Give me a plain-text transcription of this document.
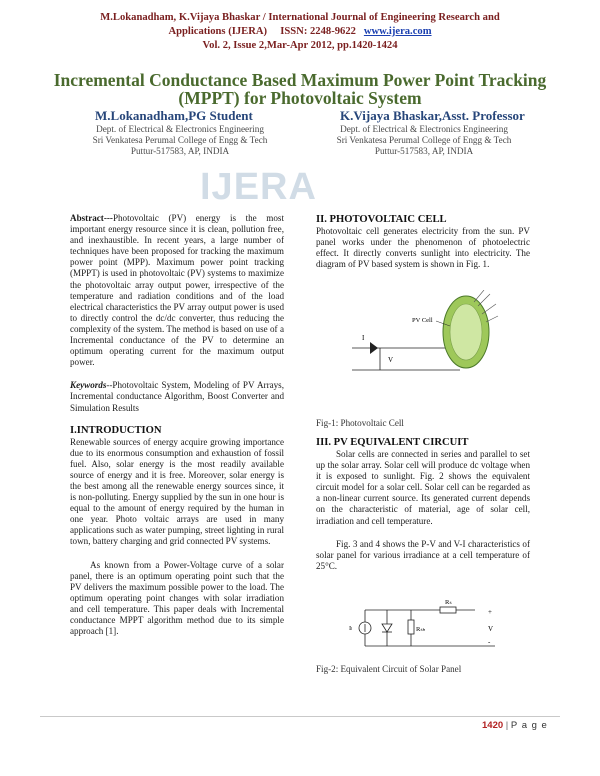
M.Lokanadham, K.Vijaya Bhaskar / International Journal of Engineering Research and
Applications (IJERA) ISSN: 2248-9622 www.ijera.com
Vol. 2, Issue 2,Mar-Apr 2012, pp.1420-1424
Incremental Conductance Based Maximum Power Point Tracking
(MPPT) for Photovoltaic System
M.Lokanadham,PG Student	K.Vijaya Bhaskar,Asst. Professor
Dept. of Electrical & Electronics Engineering
Sri Venkatesa Perumal College of Engg & Tech
Puttur-517583, AP, INDIA
Dept. of Electrical & Electronics Engineering
Sri Venkatesa Perumal College of Engg & Tech
Puttur-517583, AP, INDIA
IJERA

Abstract---Photovoltaic (PV) energy is the most important energy resource since it is clean, pollution free, and inexhaustible. In recent years, a large number of techniques have been proposed for tracking the maximum power point (MPP). Maximum power point tracking (MPPT) is used in photovoltaic (PV) systems to maximize the photovoltaic array output power, irrespective of the temperature and radiation conditions and of the load electrical characteristics the PV array output power is used to directly control the dc/dc converter, thus reducing the complexity of the system. The method is based on use of a Incremental conductance of the PV to determine an optimum operating current for the maximum output power.

Keywords--Photovoltaic System, Modeling of PV Arrays, Incremental conductance Algorithm, Boost Converter and Simulation Results

I.INTRODUCTION

Renewable sources of energy acquire growing importance due to its enormous consumption and exhaustion of fossil fuel. Also, solar energy is the most readily available source of energy and it is free. Moreover, solar energy is the best among all the renewable energy sources since, it is non-polluting. Energy supplied by the sun in one hour is equal to the amount of energy required by the human in one year. Photo voltaic arrays are used in many applications such as water pumping, street lighting in rural town, battery charging and grid connected PV systems.

As known from a Power-Voltage curve of a solar panel, there is an optimum operating point such that the PV delivers the maximum possible power to the load. The optimum operating point changes with solar irradiation and cell temperature. This paper deals with Incremental conductance MPPT algorithm method due to its simple approach [1].

II. PHOTOVOLTAIC CELL

Photovoltaic cell generates electricity from the sun. PV panel works under the phenomenon of photoelectric effect. It directly converts sunlight into electricity. The diagram of PV based system is shown in Fig. 1.

I
V
PV Cell
Fig-1: Photovoltaic Cell
III. PV EQUIVALENT CIRCUIT

Solar cells are connected in series and parallel to set up the solar array. Solar cell will produce dc voltage when it is exposed to sunlight. Fig. 2 shows the equivalent circuit model for a solar cell. Solar cell can be regarded as a non-linear current source. Its generated current depends on the characteristic of material, age of solar cell, irradiation and cell temperature.

Fig. 3 and 4 shows the P-V and V-I characteristics of solar panel for various irradiance at a cell temperature of 25°C.

Iₗ
Rₛ
Rₛₕ
+
V
-
Fig-2: Equivalent Circuit of Solar Panel
1420 | P a g e
